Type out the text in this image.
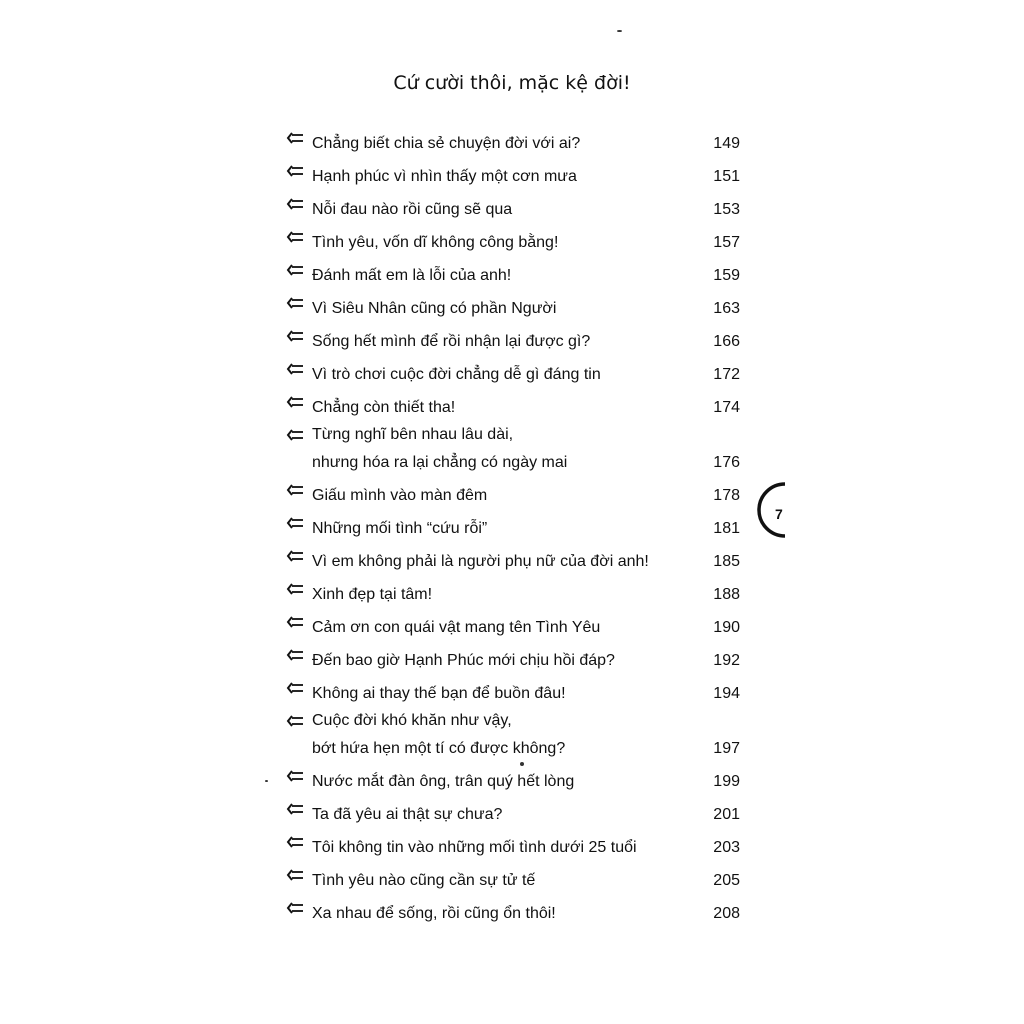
Cứ cười thôi, mặc kệ đời!
Chẳng biết chia sẻ chuyện đời với ai?	149
Hạnh phúc vì nhìn thấy một cơn mưa	151
Nỗi đau nào rồi cũng sẽ qua	153
Tình yêu, vốn dĩ không công bằng!	157
Đánh mất em là lỗi của anh!	159
Vì Siêu Nhân cũng có phần Người	163
Sống hết mình để rồi nhận lại được gì?	166
Vì trò chơi cuộc đời chẳng dễ gì đáng tin	172
Chẳng còn thiết tha!	174
Từng nghĩ bên nhau lâu dài,
nhưng hóa ra lại chẳng có ngày mai	176
Giấu mình vào màn đêm	178
Những mối tình “cứu rỗi”	181
Vì em không phải là người phụ nữ của đời anh!	185
Xinh đẹp tại tâm!	188
Cảm ơn con quái vật mang tên Tình Yêu	190
Đến bao giờ Hạnh Phúc mới chịu hồi đáp?	192
Không ai thay thế bạn để buồn đâu!	194
Cuộc đời khó khăn như vậy,
bớt hứa hẹn một tí có được không?	197
Nước mắt đàn ông, trân quý hết lòng	199
Ta đã yêu ai thật sự chưa?	201
Tôi không tin vào những mối tình dưới 25 tuổi	203
Tình yêu nào cũng cần sự tử tế	205
Xa nhau để sống, rồi cũng ổn thôi!	208
7
